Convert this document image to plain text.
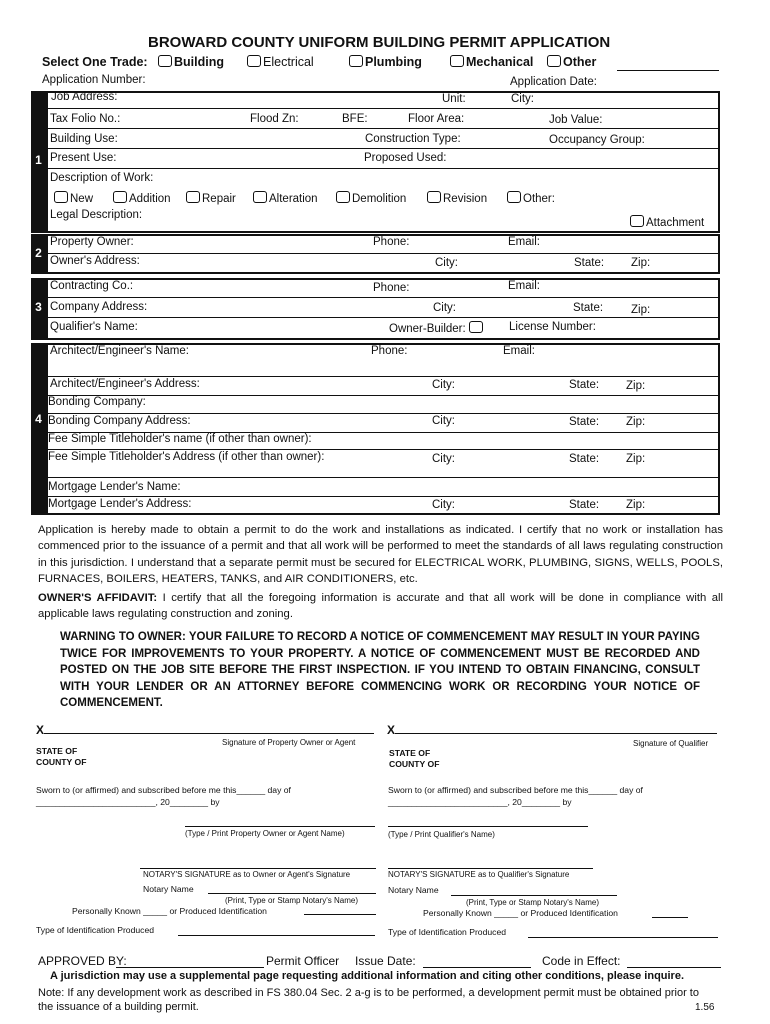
BROWARD COUNTY UNIFORM BUILDING PERMIT APPLICATION
Select One Trade:	Building	Electrical	Plumbing	Mechanical	Other
Application Number:	Application Date:
1
Job Address:	Unit:	City:
Tax Folio No.:	Flood Zn:	BFE:	Floor Area:	Job Value:
Building Use:	Construction Type:	Occupancy Group:
Present Use:	Proposed Used:
Description of Work:
New	Addition	Repair	Alteration	Demolition	Revision	Other:
Legal Description:
Attachment
2
Property Owner:	Phone:	Email:
Owner's Address:	City:	State: Zip:
3
Contracting Co.:	Phone:	Email:
Company Address:	City:	State: Zip:
Qualifier's Name:	Owner-Builder:	License Number:
4
Architect/Engineer's Name:	Phone:	Email:
Architect/Engineer's Address:	City:	State: Zip:
Bonding Company:
Bonding Company Address:	City:	State: Zip:
Fee Simple Titleholder's name (if other than owner):
Fee Simple Titleholder's Address (if other than owner):	City:	State: Zip:
Mortgage Lender's Name:
Mortgage Lender's Address:	City:	State: Zip:
Application is hereby made to obtain a permit to do the work and installations as indicated. I certify that no work or installation has commenced prior to the issuance of a permit and that all work will be performed to meet the standards of all laws regulating construction in this jurisdiction. I understand that a separate permit must be secured for ELECTRICAL WORK, PLUMBING, SIGNS, WELLS, POOLS, FURNACES, BOILERS, HEATERS, TANKS, and AIR CONDITIONERS, etc.
OWNER'S AFFIDAVIT: I certify that all the foregoing information is accurate and that all work will be done in compliance with all applicable laws regulating construction and zoning.
WARNING TO OWNER: YOUR FAILURE TO RECORD A NOTICE OF COMMENCEMENT MAY RESULT IN YOUR PAYING TWICE FOR IMPROVEMENTS TO YOUR PROPERTY. A NOTICE OF COMMENCEMENT MUST BE RECORDED AND POSTED ON THE JOB SITE BEFORE THE FIRST INSPECTION. IF YOU INTEND TO OBTAIN FINANCING, CONSULT WITH YOUR LENDER OR AN ATTORNEY BEFORE COMMENCING WORK OR RECORDING YOUR NOTICE OF COMMENCEMENT.
X
Signature of Property Owner or Agent
STATE OF
COUNTY OF
Sworn to (or affirmed) and subscribed before me this______ day of
_________________________, 20________ by
(Type / Print Property Owner or Agent Name)
NOTARY'S SIGNATURE as to Owner or Agent's Signature
Notary Name
(Print, Type or Stamp Notary's Name)
Personally Known _____ or Produced Identification
Type of Identification Produced
X
Signature of Qualifier
STATE OF
COUNTY OF
Sworn to (or affirmed) and subscribed before me this______ day of
_________________________, 20________ by
(Type / Print Qualifier's Name)
NOTARY'S SIGNATURE as to Qualifier's Signature
Notary Name
(Print, Type or Stamp Notary's Name)
Personally Known _____ or Produced Identification
Type of Identification Produced
APPROVED BY:	Permit Officer Issue Date:	Code in Effect:
A jurisdiction may use a supplemental page requesting additional information and citing other conditions, please inquire.
Note: If any development work as described in FS 380.04 Sec. 2 a-g is to be performed, a development permit must be obtained prior to the issuance of a building permit.	1.56
